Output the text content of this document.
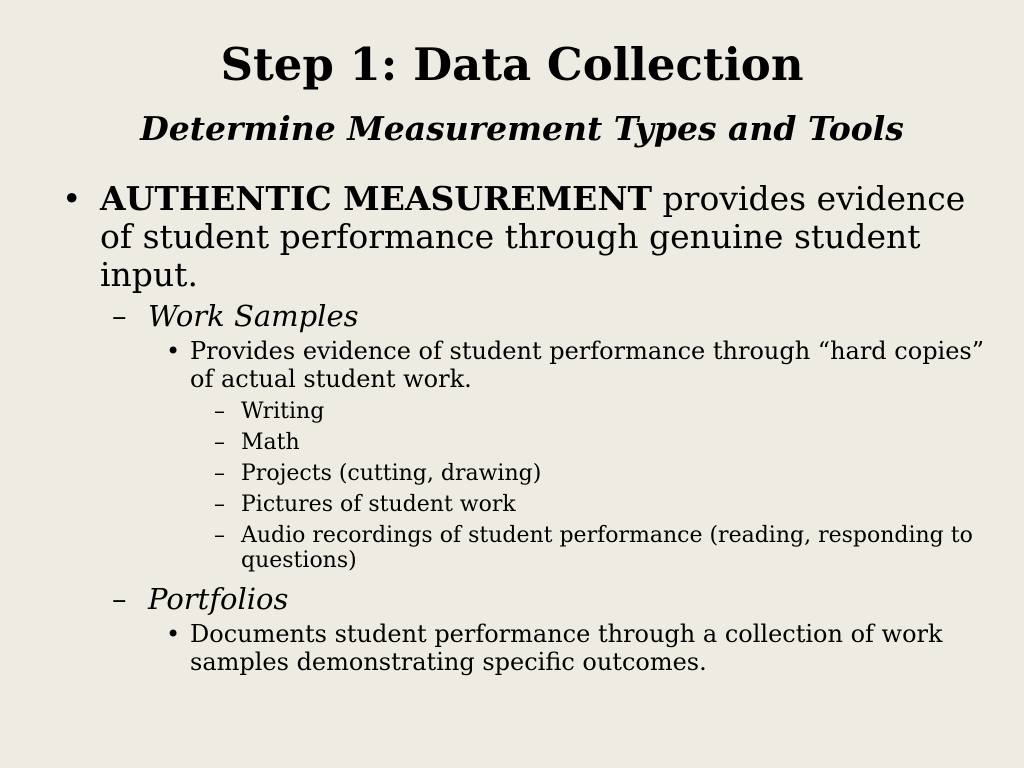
Step 1: Data Collection
Determine Measurement Types and Tools

• AUTHENTIC MEASUREMENT provides evidence of student performance through genuine student input.

– Work Samples

• Provides evidence of student performance through “hard copies” of actual student work.

– Writing

– Math

– Projects (cutting, drawing)

– Pictures of student work

– Audio recordings of student performance (reading, responding to questions)

– Portfolios

• Documents student performance through a collection of work samples demonstrating specific outcomes.
